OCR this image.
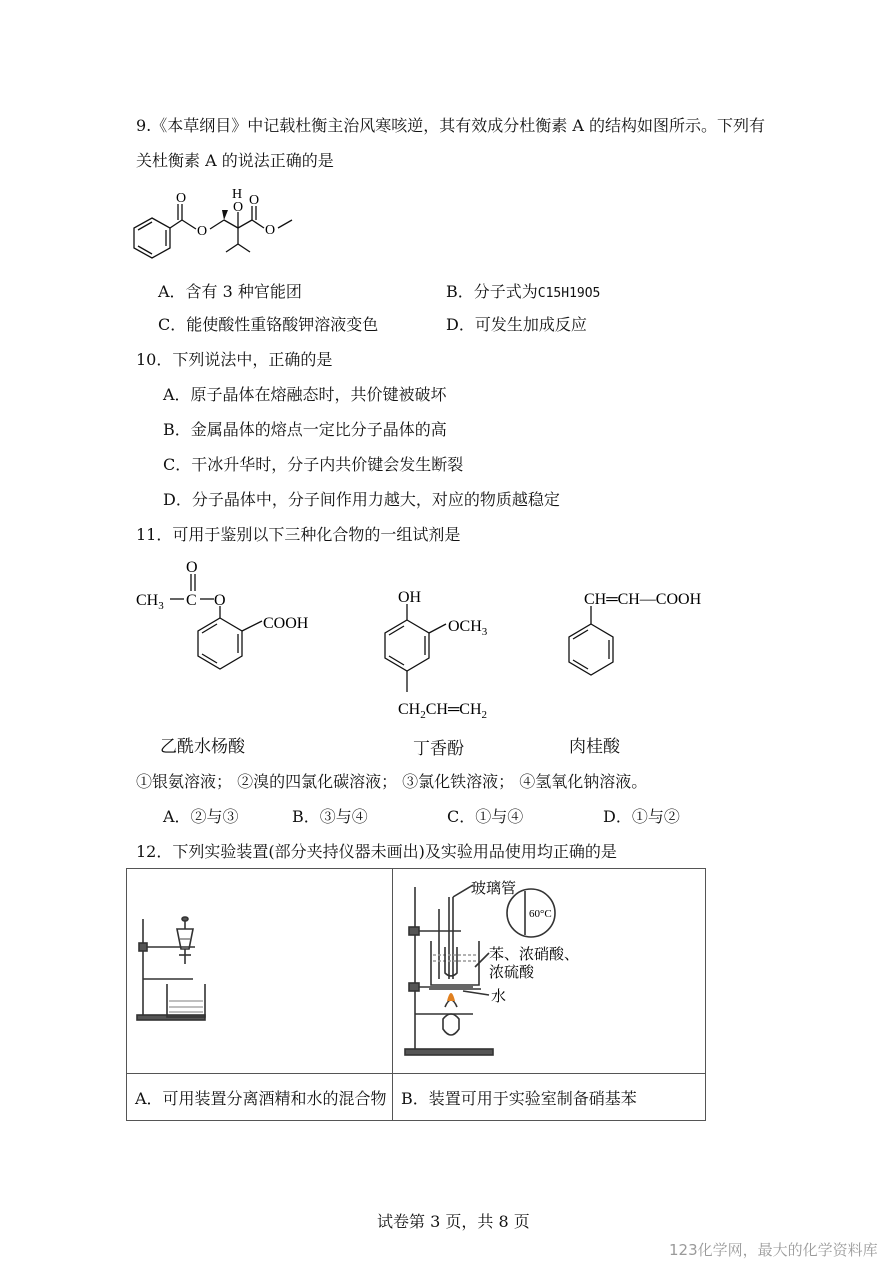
9.《本草纲目》中记载杜衡主治风寒咳逆，其有效成分杜衡素 A 的结构如图所示。下列有
关杜衡素 A 的说法正确的是
O
O
H
O O
O
A．含有 3 种官能团	B．分子式为C15H19O5
C．能使酸性重铬酸钾溶液变色	D．可发生加成反应
10．下列说法中，正确的是
A．原子晶体在熔融态时，共价键被破坏
B．金属晶体的熔点一定比分子晶体的高
C．干冰升华时，分子内共价键会发生断裂
D．分子晶体中，分子间作用力越大，对应的物质越稳定
11．可用于鉴别以下三种化合物的一组试剂是
O
$CH_3$ C O
COOH
OH
$OCH_3$
$CH_2CH═CH_2$
CH═CH—COOH
乙酰水杨酸	丁香酚	肉桂酸
①银氨溶液； ②溴的四氯化碳溶液； ③氯化铁溶液； ④氢氧化钠溶液。
A．②与③	B．③与④	C．①与④	D．①与②
12．下列实验装置(部分夹持仪器未画出)及实验用品使用均正确的是

玻璃管
60°C
苯、浓硝酸、
浓硫酸
水

A．可用装置分离酒精和水的混合物	B．装置可用于实验室制备硝基苯
试卷第 3 页，共 8 页
123化学网，最大的化学资料库
